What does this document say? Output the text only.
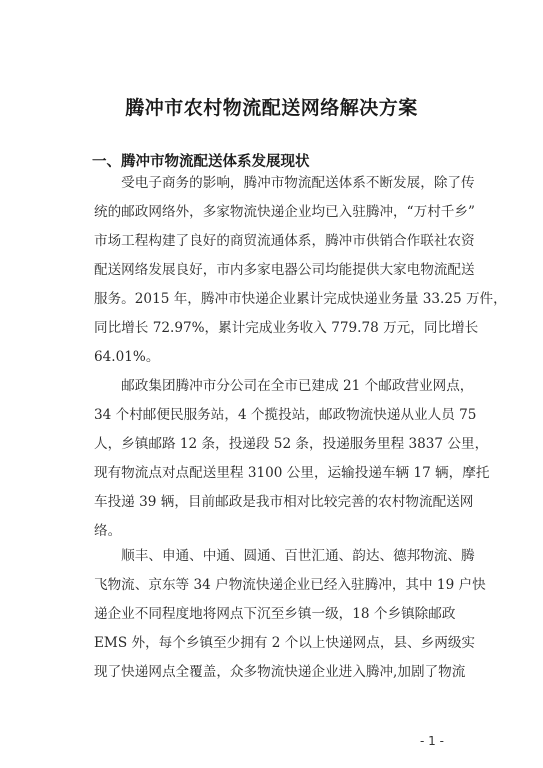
腾冲市农村物流配送网络解决方案
一、腾冲市物流配送体系发展现状
　　受电子商务的影响，腾冲市物流配送体系不断发展，除了传
统的邮政网络外，多家物流快递企业均已入驻腾冲，“万村千乡”
市场工程构建了良好的商贸流通体系，腾冲市供销合作联社农资
配送网络发展良好，市内多家电器公司均能提供大家电物流配送
服务。2015 年，腾冲市快递企业累计完成快递业务量 33.25 万件，
同比增长 72.97%，累计完成业务收入 779.78 万元，同比增长
64.01%。
　　邮政集团腾冲市分公司在全市已建成 21 个邮政营业网点，
34 个村邮便民服务站，4 个揽投站，邮政物流快递从业人员 75
人，乡镇邮路 12 条，投递段 52 条，投递服务里程 3837 公里，
现有物流点对点配送里程 3100 公里，运输投递车辆 17 辆，摩托
车投递 39 辆，目前邮政是我市相对比较完善的农村物流配送网
络。
　　顺丰、申通、中通、圆通、百世汇通、韵达、德邦物流、腾
飞物流、京东等 34 户物流快递企业已经入驻腾冲，其中 19 户快
递企业不同程度地将网点下沉至乡镇一级，18 个乡镇除邮政
EMS 外，每个乡镇至少拥有 2 个以上快递网点，县、乡两级实
现了快递网点全覆盖，众多物流快递企业进入腾冲,加剧了物流
- 1 -
